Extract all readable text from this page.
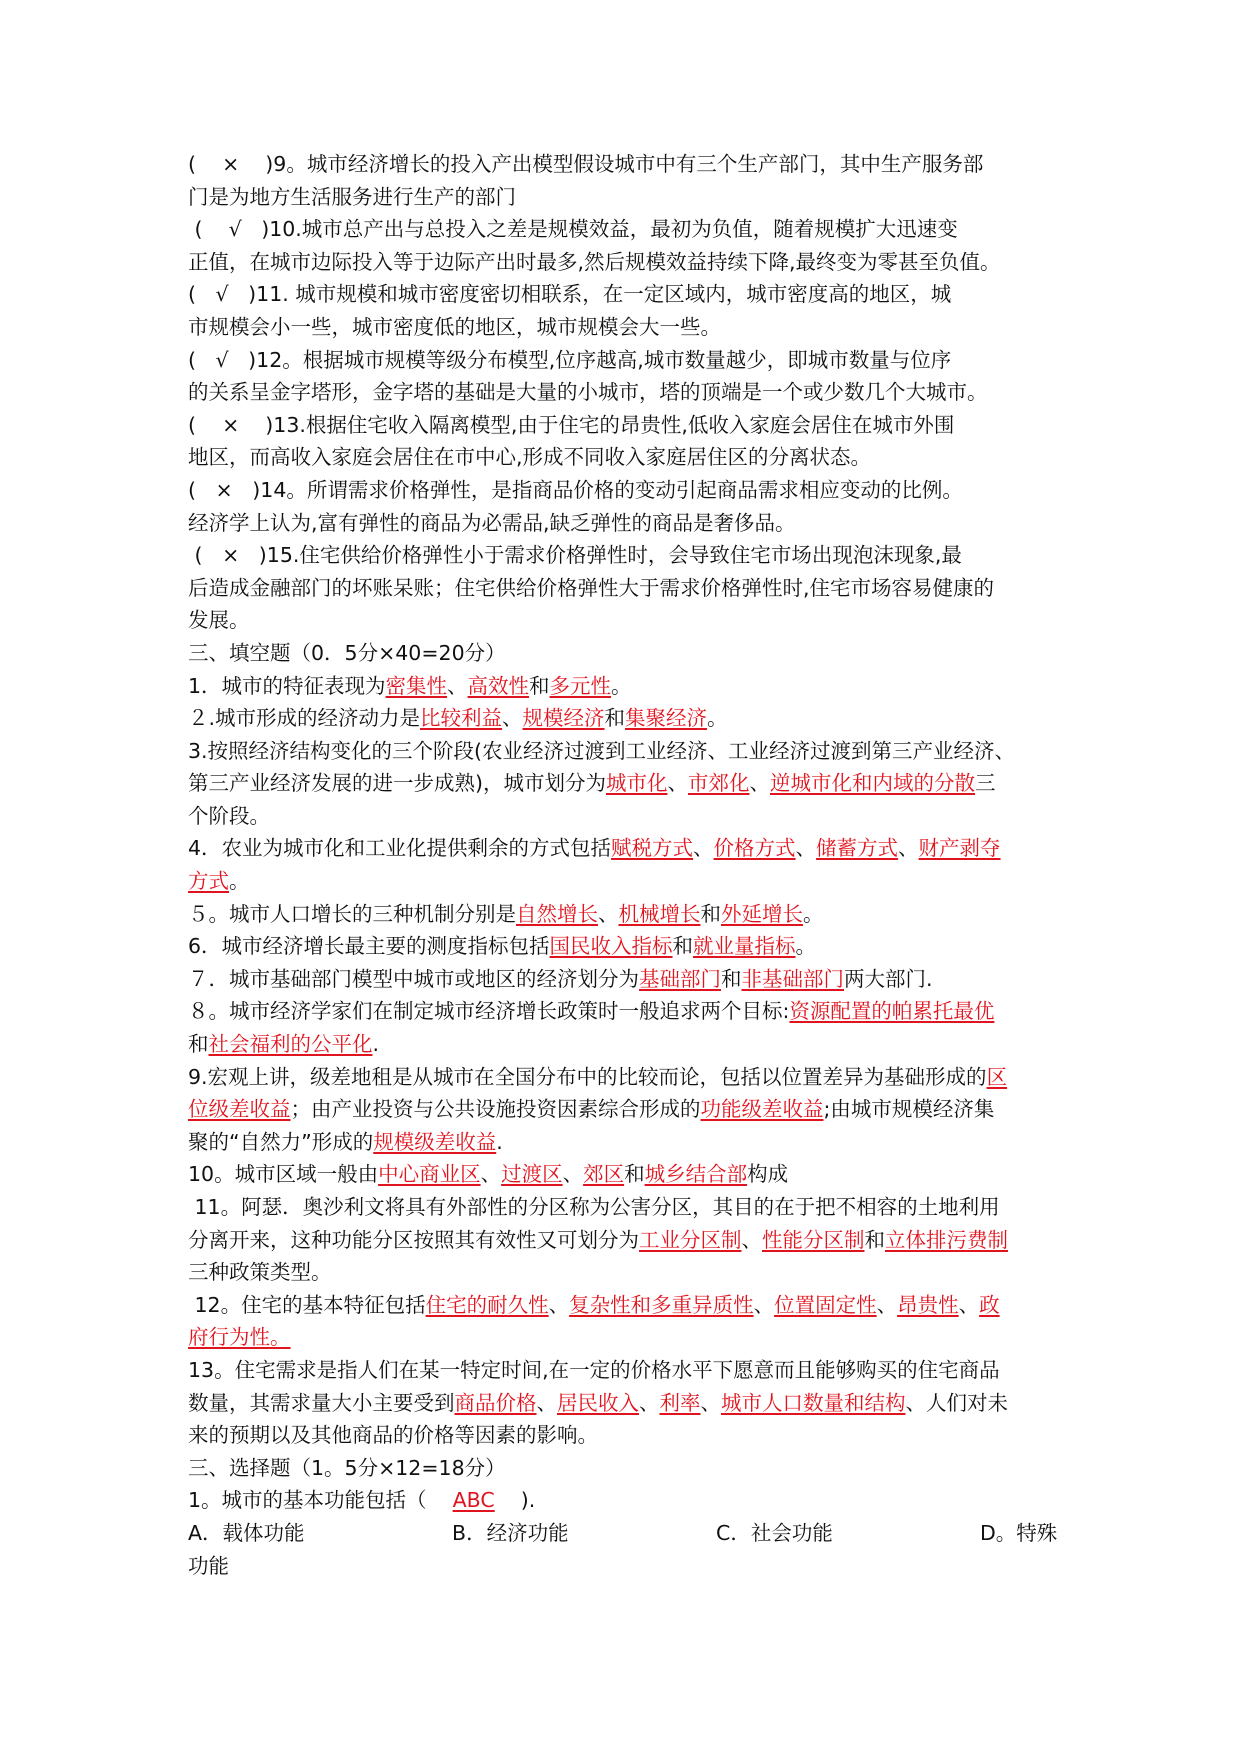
(    ×    )9。城市经济增长的投入产出模型假设城市中有三个生产部门，其中生产服务部
门是为地方生活服务进行生产的部门
(    √   )10.城市总产出与总投入之差是规模效益，最初为负值，随着规模扩大迅速变
正值，在城市边际投入等于边际产出时最多,然后规模效益持续下降,最终变为零甚至负值。
(   √   )11. 城市规模和城市密度密切相联系，在一定区域内，城市密度高的地区，城
市规模会小一些，城市密度低的地区，城市规模会大一些。
(   √   )12。根据城市规模等级分布模型,位序越高,城市数量越少，即城市数量与位序
的关系呈金字塔形，金字塔的基础是大量的小城市，塔的顶端是一个或少数几个大城市。
(    ×    )13.根据住宅收入隔离模型,由于住宅的昂贵性,低收入家庭会居住在城市外围
地区，而高收入家庭会居住在市中心,形成不同收入家庭居住区的分离状态。
(   ×   )14。所谓需求价格弹性，是指商品价格的变动引起商品需求相应变动的比例。
经济学上认为,富有弹性的商品为必需品,缺乏弹性的商品是奢侈品。
(   ×   )15.住宅供给价格弹性小于需求价格弹性时，会导致住宅市场出现泡沫现象,最
后造成金融部门的坏账呆账；住宅供给价格弹性大于需求价格弹性时,住宅市场容易健康的
发展。
三、填空题（0．5分×40=20分）
1．城市的特征表现为密集性、高效性和多元性。
２.城市形成的经济动力是比较利益、规模经济和集聚经济。
3.按照经济结构变化的三个阶段(农业经济过渡到工业经济、工业经济过渡到第三产业经济、
第三产业经济发展的进一步成熟)，城市划分为城市化、市郊化、逆城市化和内域的分散三
个阶段。
4．农业为城市化和工业化提供剩余的方式包括赋税方式、价格方式、储蓄方式、财产剥夺
方式。
５。城市人口增长的三种机制分别是自然增长、机械增长和外延增长。
6．城市经济增长最主要的测度指标包括国民收入指标和就业量指标。
７．城市基础部门模型中城市或地区的经济划分为基础部门和非基础部门两大部门.
８。城市经济学家们在制定城市经济增长政策时一般追求两个目标:资源配置的帕累托最优
和社会福利的公平化.
9.宏观上讲，级差地租是从城市在全国分布中的比较而论，包括以位置差异为基础形成的区
位级差收益；由产业投资与公共设施投资因素综合形成的功能级差收益;由城市规模经济集
聚的“自然力”形成的规模级差收益.
10。城市区域一般由中心商业区、过渡区、郊区和城乡结合部构成
11。阿瑟．奥沙利文将具有外部性的分区称为公害分区，其目的在于把不相容的土地利用
分离开来，这种功能分区按照其有效性又可划分为工业分区制、性能分区制和立体排污费制
三种政策类型。
12。住宅的基本特征包括住宅的耐久性、复杂性和多重异质性、位置固定性、昂贵性、政
府行为性。
13。住宅需求是指人们在某一特定时间,在一定的价格水平下愿意而且能够购买的住宅商品
数量，其需求量大小主要受到商品价格、居民收入、利率、城市人口数量和结构、人们对未
来的预期以及其他商品的价格等因素的影响。
三、选择题（1。5分×12=18分）
1。城市的基本功能包括（    ABC    ).
A．载体功能	B．经济功能	C．社会功能	D。特殊
功能
